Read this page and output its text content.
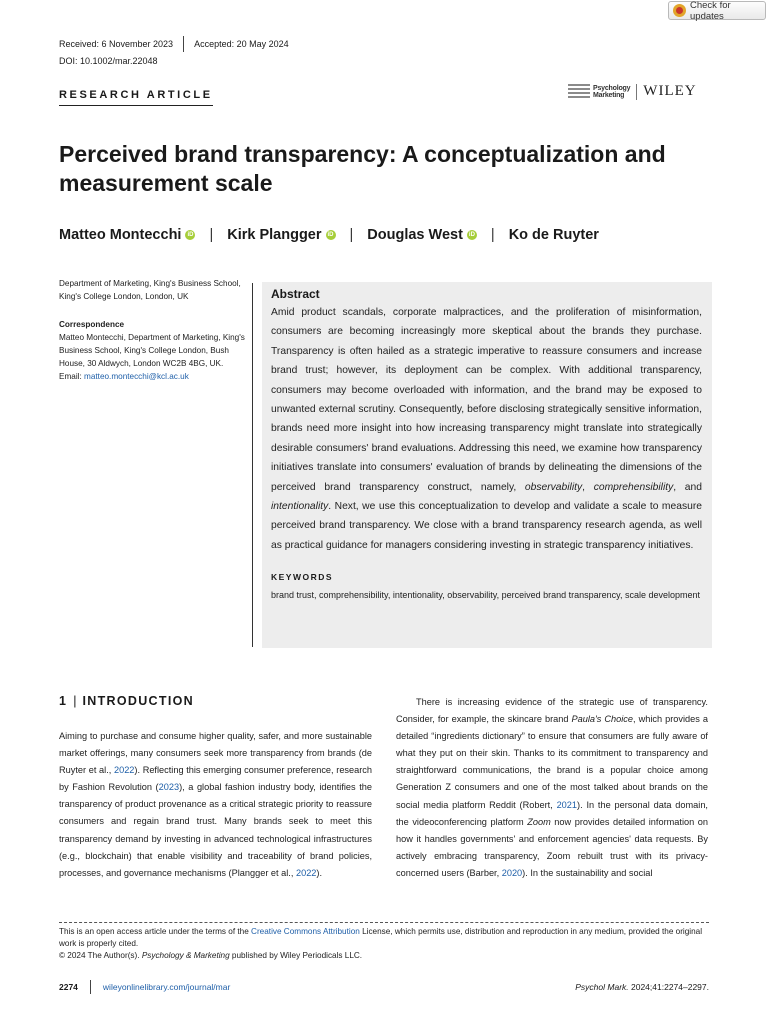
Check for updates
Received: 6 November 2023 Accepted: 20 May 2024
DOI: 10.1002/mar.22048
RESEARCH ARTICLE
Psychology
Marketing	WILEY
Perceived brand transparency: A conceptualization and measurement scale
Matteo Montecchi	iD | Kirk Plangger	iD | Douglas West	iD | Ko de Ruyter
Department of Marketing, King's Business School, King's College London, London, UK
Correspondence
Matteo Montecchi, Department of Marketing, King's Business School, King's College London, Bush House, 30 Aldwych, London WC2B 4BG, UK.
Email: matteo.montecchi@kcl.ac.uk
Abstract
Amid product scandals, corporate malpractices, and the proliferation of misinformation, consumers are becoming increasingly more skeptical about the brands they purchase. Transparency is often hailed as a strategic imperative to reassure consumers and increase brand trust; however, its deployment can be complex. With additional transparency, consumers may become overloaded with information, and the brand may be exposed to unwanted external scrutiny. Consequently, before disclosing strategically sensitive information, brands need more insight into how increasing transparency might translate into strategically desirable consumers' brand evaluations. Addressing this need, we examine how transparency initiatives translate into consumers' evaluation of brands by delineating the dimensions of the perceived brand transparency construct, namely, observability, comprehensibility, and intentionality. Next, we use this conceptualization to develop and validate a scale to measure perceived brand transparency. We close with a brand transparency research agenda, as well as practical guidance for managers considering investing in strategic transparency initiatives.
KEYWORDS
brand trust, comprehensibility, intentionality, observability, perceived brand transparency, scale development
1 | INTRODUCTION
Aiming to purchase and consume higher quality, safer, and more sustainable market offerings, many consumers seek more transparency from brands (de Ruyter et al., 2022). Reflecting this emerging consumer preference, research by Fashion Revolution (2023), a global fashion industry body, identifies the transparency of product provenance as a critical strategic priority to reassure consumers and regain brand trust. Many brands seek to meet this transparency demand by investing in advanced technological infrastructures (e.g., blockchain) that enable visibility and traceability of brand policies, processes, and governance mechanisms (Plangger et al., 2022).
There is increasing evidence of the strategic use of transparency. Consider, for example, the skincare brand Paula's Choice, which provides a detailed “ingredients dictionary” to ensure that consumers are fully aware of what they put on their skin. Thanks to its commitment to transparency and straightforward communications, the brand is a popular choice among Generation Z consumers and one of the most talked about brands on the social media platform Reddit (Robert, 2021). In the personal data domain, the videoconferencing platform Zoom now provides detailed information on how it handles governments' and enforcement agencies' data requests. By actively embracing transparency, Zoom rebuilt trust with its privacy-concerned users (Barber, 2020). In the sustainability and social
This is an open access article under the terms of the Creative Commons Attribution License, which permits use, distribution and reproduction in any medium, provided the original work is properly cited.
© 2024 The Author(s). Psychology & Marketing published by Wiley Periodicals LLC.
2274	wileyonlinelibrary.com/journal/mar	Psychol Mark. 2024;41:2274–2297.
